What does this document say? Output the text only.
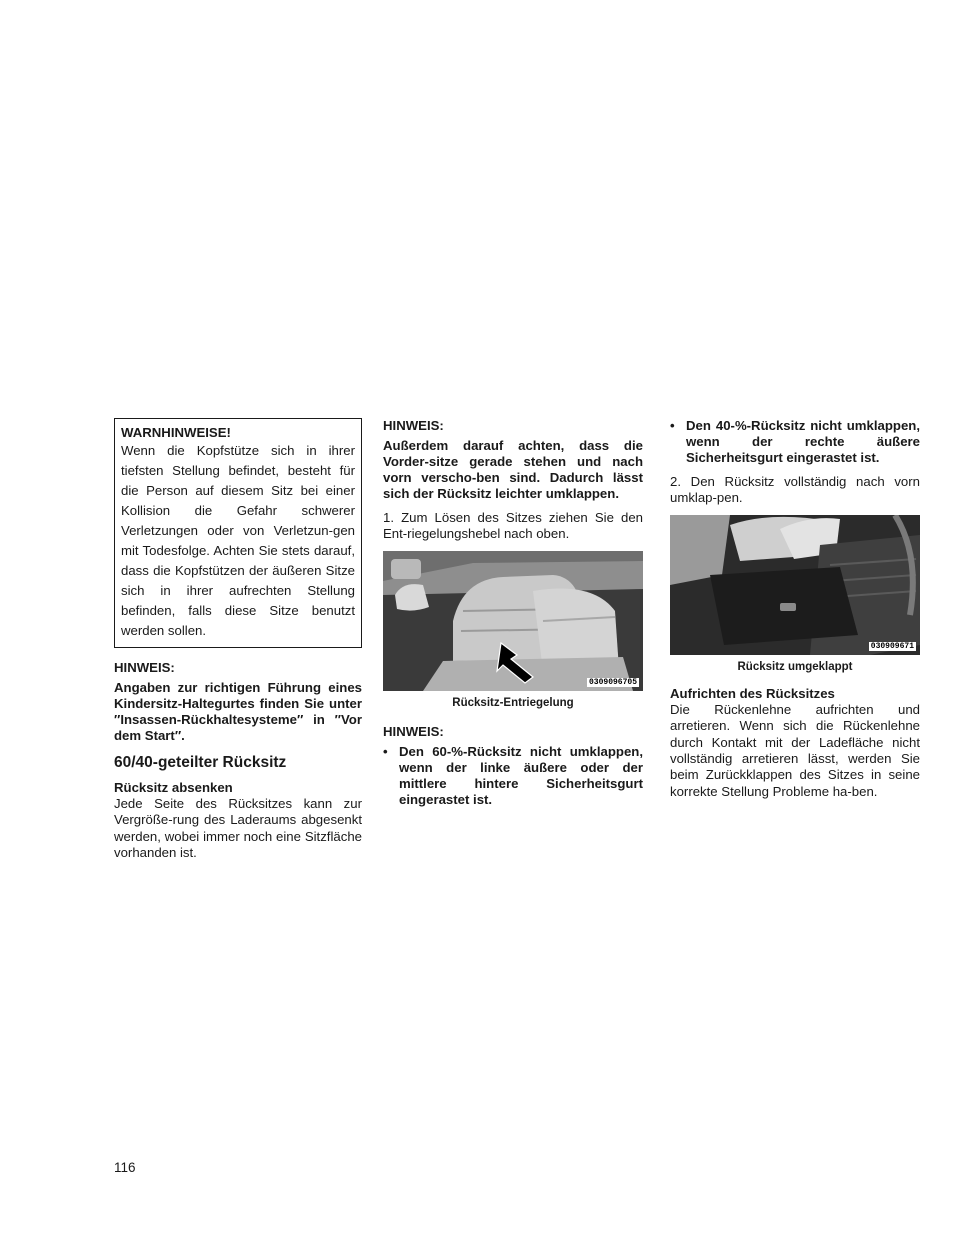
WARNHINWEISE!

Wenn die Kopfstütze sich in ihrer tiefsten Stellung befindet, besteht für die Person auf diesem Sitz bei einer Kollision die Gefahr schwerer Verletzungen oder von Verletzun-gen mit Todesfolge. Achten Sie stets darauf, dass die Kopfstützen der äußeren Sitze sich in ihrer aufrechten Stellung befinden, falls diese Sitze benutzt werden sollen.

HINWEIS:

Angaben zur richtigen Führung eines Kindersitz-Haltegurtes finden Sie unter ″Insassen-Rückhaltesysteme″ in ″Vor dem Start″.

60/40-geteilter Rücksitz

Rücksitz absenken

Jede Seite des Rücksitzes kann zur Vergröße-rung des Laderaums abgesenkt werden, wobei immer noch eine Sitzfläche vorhanden ist.

HINWEIS:

Außerdem darauf achten, dass die Vorder-sitze gerade stehen und nach vorn verscho-ben sind. Dadurch lässt sich der Rücksitz leichter umklappen.

1. Zum Lösen des Sitzes ziehen Sie den Ent-riegelungshebel nach oben.

0309096705

Rücksitz-Entriegelung

HINWEIS:

• Den 60-%-Rücksitz nicht umklappen, wenn der linke äußere oder der mittlere hintere Sicherheitsgurt eingerastet ist.
• Den 40-%-Rücksitz nicht umklappen, wenn der rechte äußere Sicherheitsgurt eingerastet ist.

2. Den Rücksitz vollständig nach vorn umklap-pen.

030909671

Rücksitz umgeklappt

Aufrichten des Rücksitzes

Die Rückenlehne aufrichten und arretieren. Wenn sich die Rückenlehne durch Kontakt mit der Ladefläche nicht vollständig arretieren lässt, werden Sie beim Zurückklappen des Sitzes in seine korrekte Stellung Probleme ha-ben.

116
